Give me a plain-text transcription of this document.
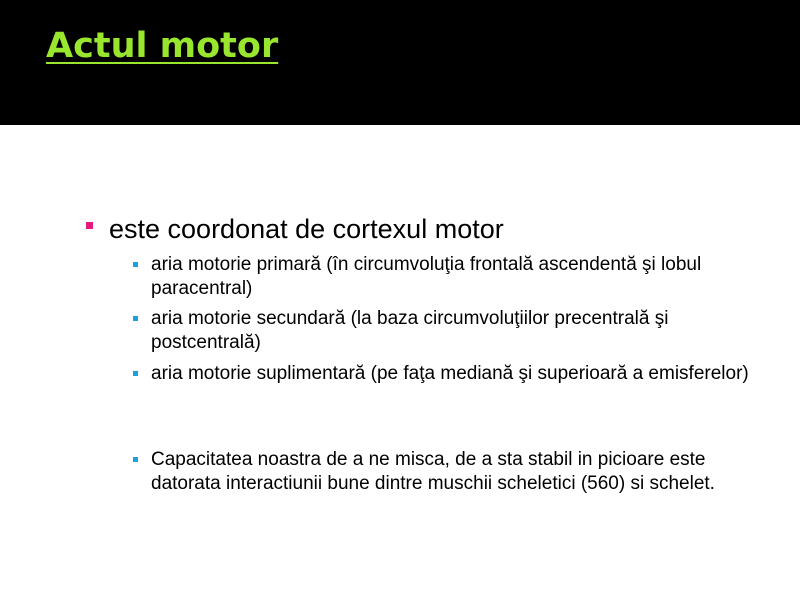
Actul motor
este coordonat de cortexul motor
aria motorie primară (în circumvoluţia frontală ascendentă şi lobul paracentral)
aria motorie secundară (la baza circumvoluţiilor precentrală şi postcentrală)
aria motorie suplimentară (pe faţa mediană şi superioară a emisferelor)
Capacitatea noastra de a ne misca, de a sta stabil in picioare este datorata interactiunii bune dintre muschii scheletici (560) si schelet.
